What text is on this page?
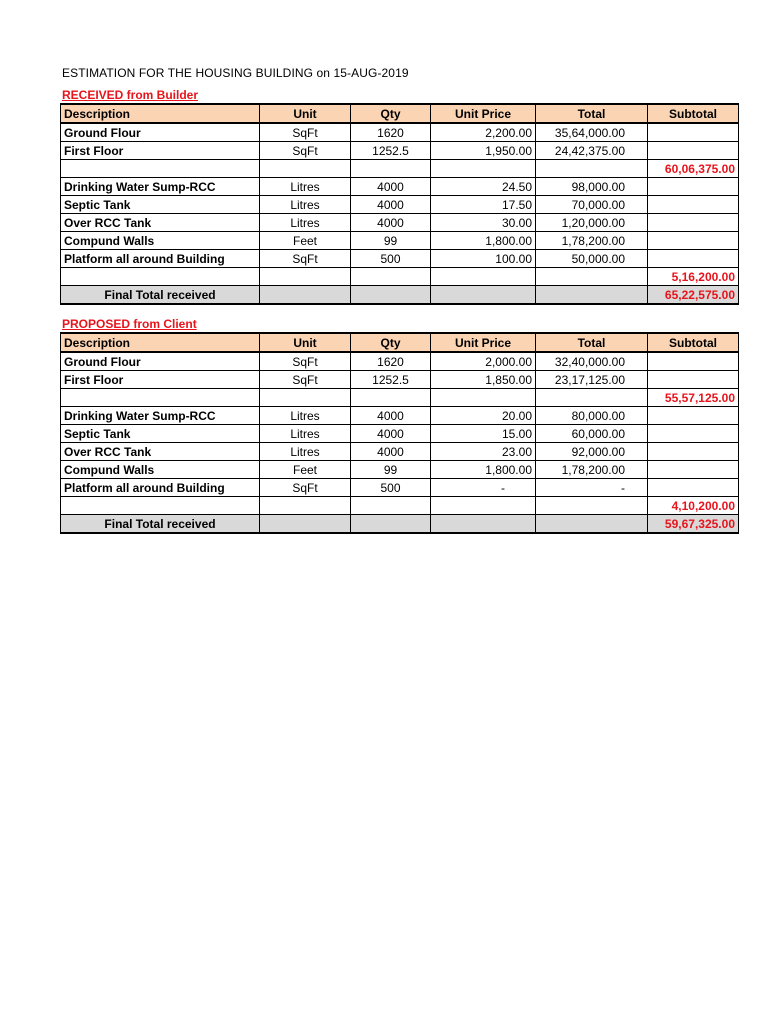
ESTIMATION FOR THE HOUSING BUILDING on 15-AUG-2019
RECEIVED from Builder
Description	Unit	Qty	Unit Price	Total	Subtotal
Ground Flour	SqFt	1620	2,200.00	35,64,000.00	
First Floor	SqFt	1252.5	1,950.00	24,42,375.00	
					60,06,375.00
Drinking Water Sump-RCC	Litres	4000	24.50	98,000.00	
Septic Tank	Litres	4000	17.50	70,000.00	
Over RCC Tank	Litres	4000	30.00	1,20,000.00	
Compund Walls	Feet	99	1,800.00	1,78,200.00	
Platform all around Building	SqFt	500	100.00	50,000.00	
					5,16,200.00
Final Total received					65,22,575.00
PROPOSED from Client
Description	Unit	Qty	Unit Price	Total	Subtotal
Ground Flour	SqFt	1620	2,000.00	32,40,000.00	
First Floor	SqFt	1252.5	1,850.00	23,17,125.00	
					55,57,125.00
Drinking Water Sump-RCC	Litres	4000	20.00	80,000.00	
Septic Tank	Litres	4000	15.00	60,000.00	
Over RCC Tank	Litres	4000	23.00	92,000.00	
Compund Walls	Feet	99	1,800.00	1,78,200.00	
Platform all around Building	SqFt	500	-	-	
					4,10,200.00
Final Total received					59,67,325.00
